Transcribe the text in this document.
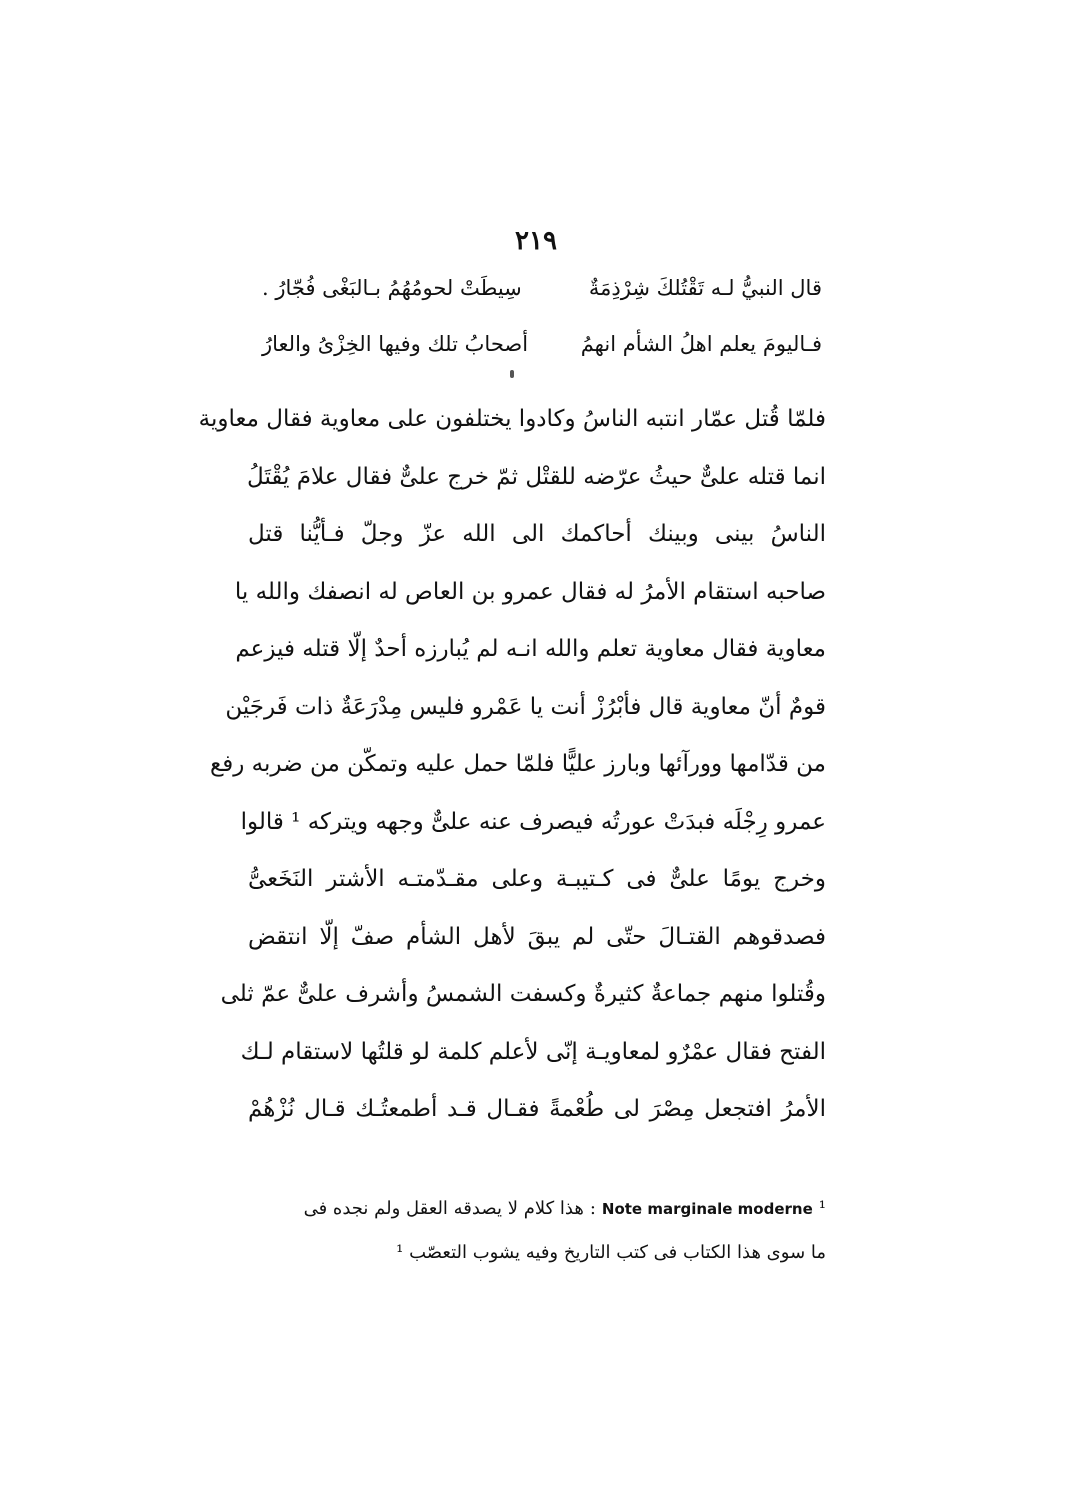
٢١٩
قال النبيُّ لـه تَقْتُلكَ شِرْذِمَةٌ
سِيطَتْ لحومُهُمُ بـالبَغْى فُجّارُ .
فـاليومَ يعلم اهلُ الشأم انهمُ
أصحابُ تلك وفيها الخِزْىُ والعارُ
فلمّا قُتل عمّار انتبه الناسُ وكادوا يختلفون على معاوية فقال معاوية
انما قتله علىٌّ حيثُ عرّضه للقتْل ثمّ خرج علىٌّ فقال علامَ يُقْتَلُ
الناسُ بينى وبينك أحاكمك الى الله عزّ وجلّ فـأيُّنا قتل
صاحبه استقام الأمرُ له فقال عمرو بن العاص له انصفك والله يا
معاوية فقال معاوية تعلم والله انـه لم يُبارزه أحدٌ إلّا قتله فيزعم
قومٌ أنّ معاوية قال فأبْرُزْ أنت يا عَمْرو فليس مِدْرَعَةٌ ذات فَرجَيْن
من قدّامها وورآئها وبارز عليًّا فلمّا حمل عليه وتمكّن من ضربه رفع
عمرو رِجْلَه فبدَتْ عورتُه فيصرف عنه علىٌّ وجهه ويتركه ¹ قالوا
وخرج يومًا علىٌّ فى كـتيبـة وعلى مقـدّمتـه الأشتر النَخَعىُّ
فصدقوهم القتـالَ حتّى لم يبقَ لأهل الشأم صفّ إلّا انتقض
وقُتلوا منهم جماعةٌ كثيرةٌ وكسفت الشمسُ وأشرف علىٌّ عمّ ثلى
الفتح فقال عمْرٌو لمعاويـة إنّى لأعلم كلمة لو قلتُها لاستقام لـك
الأمرُ افتجعل مِصْرَ لى طُعْمةً فقـال قـد أطمعتُـك قـال نُزْهُمْ
¹Note marginale moderne:هذا كلام لا يصدقه العقل ولم نجده فى
ما سوى هذا الكتاب فى كتب التاريخ وفيه يشوب التعصّب ¹
